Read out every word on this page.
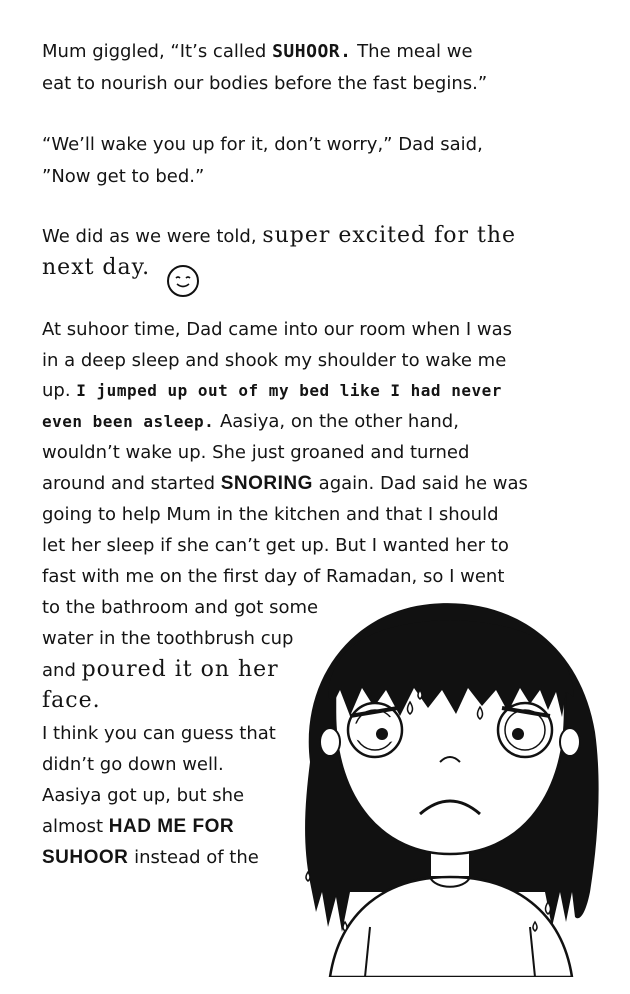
Mum giggled, “It’s called SUHOOR. The meal we
eat to nourish our bodies before the fast begins.”
“We’ll wake you up for it, don’t worry,” Dad said,
”Now get to bed.”
We did as we were told, super excited for the
next day.
At suhoor time, Dad came into our room when I was
in a deep sleep and shook my shoulder to wake me
up. I jumped up out of my bed like I had never
even been asleep. Aasiya, on the other hand,
wouldn’t wake up. She just groaned and turned
around and started SNORING again. Dad said he was
going to help Mum in the kitchen and that I should
let her sleep if she can’t get up. But I wanted her to
fast with me on the first day of Ramadan, so I went
to the bathroom and got some
water in the toothbrush cup
and poured it on her
face.
I think you can guess that
didn’t go down well.
Aasiya got up, but she
almost HAD ME FOR
SUHOOR instead of the
